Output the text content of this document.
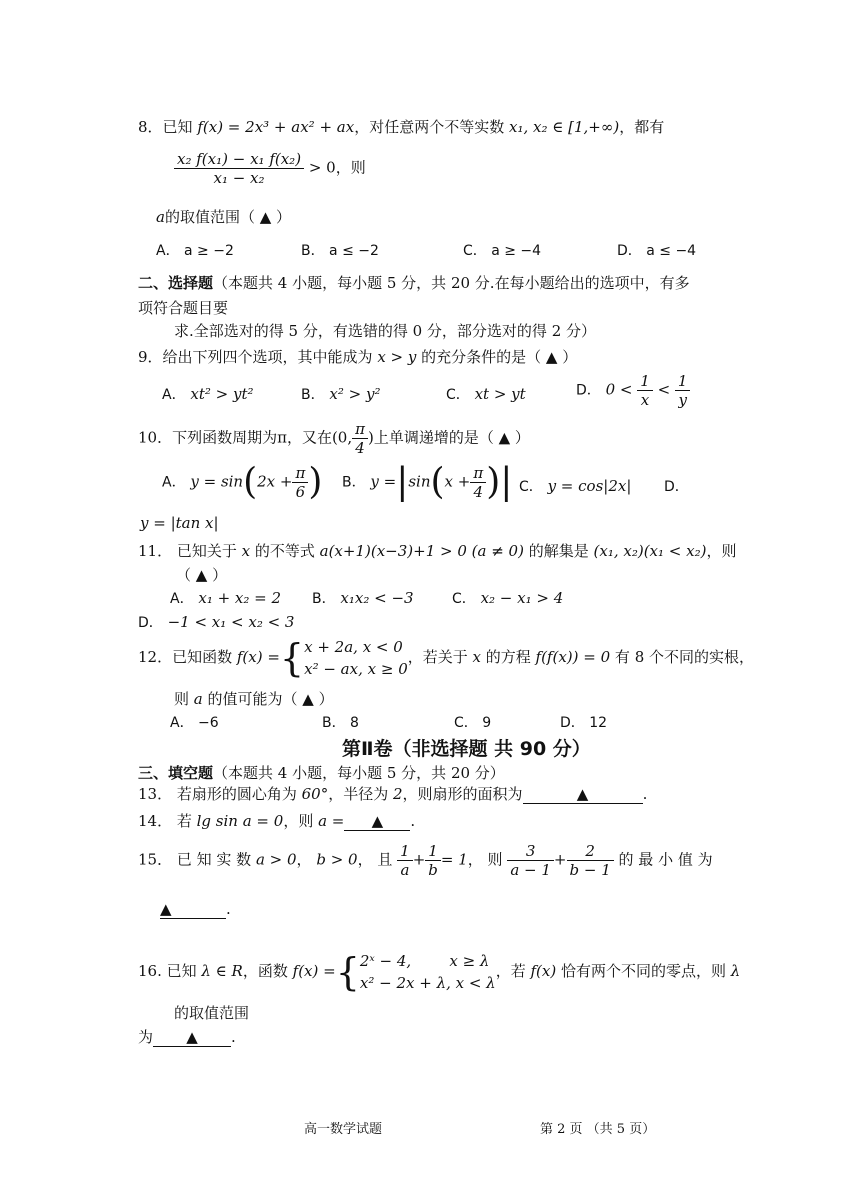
8．已知 f(x) = 2x³ + ax² + ax，对任意两个不等实数 x₁, x₂ ∈ [1,+∞)，都有
$\frac{\text{x₂ f(x₁) − x₁ f(x₂)}}{\text{x₁ − x₂}} > 0$，则
a的取值范围（ ▲ ）
A． a ≥ −2	B． a ≤ −2	C． a ≥ −4	D． a ≤ −4
二、选择题（本题共 4 小题，每小题 5 分，共 20 分.在每小题给出的选项中，有多
项符合题目要
求.全部选对的得 5 分，有选错的得 0 分，部分选对的得 2 分）
9．给出下列四个选项，其中能成为 x > y 的充分条件的是（ ▲ ）
A． xt² > yt²	B． x² > y²	C． xt > yt	D． $0 < \frac{1}{x} < \frac{1}{y}$
10．下列函数周期为π，又在(0, $\frac{\pi}{4}$ )上单调递增的是（ ▲ ）
A． $y = \sin(2x + \frac{\pi}{6}$ ) B． $y =|\sin(x + \frac{\pi}{4}$ )| C． y = cos|2x| D．
y = |tan x|
11． 已知关于 x 的不等式 a(x+1)(x−3)+1 > 0 (a ≠ 0) 的解集是 (x₁, x₂)(x₁ < x₂)，则
（ ▲ ）
A． x₁ + x₂ = 2 B． x₁x₂ < −3	C． x₂ − x₁ > 4
D． −1 < x₁ < x₂ < 3
12．已知函数 f(x) ={ x + 2a, x < 0
x² − ax, x ≥ 0
，若关于 x 的方程 f(f(x)) = 0 有 8 个不同的实根，
则 a 的值可能为（ ▲ ）
A． −6	B． 8	C． 9	D． 12
第Ⅱ卷（非选择题 共 90 分）
三、填空题（本题共 4 小题，每小题 5 分，共 20 分）
13． 若扇形的圆心角为 60°，半径为 2，则扇形的面积为	▲	.
14． 若 lg sin a = 0，则 a = ▲ .
15． 已 知 实 数 a > 0， b > 0， 且 $\frac{1}{a} + \frac{1}{b} = 1$， 则 $\frac{3}{a - 1} + \frac{2}{b - 1}$ 的 最 小 值 为
▲	.
16. 已知 λ ∈ R，函数 f(x) ={ 2ˣ − 4,	x ≥ λ
x² − 2x + λ, x < λ
，若 f(x) 恰有两个不同的零点，则 λ
的取值范围
为 ▲ .
高一数学试题	第 2 页 （共 5 页）
